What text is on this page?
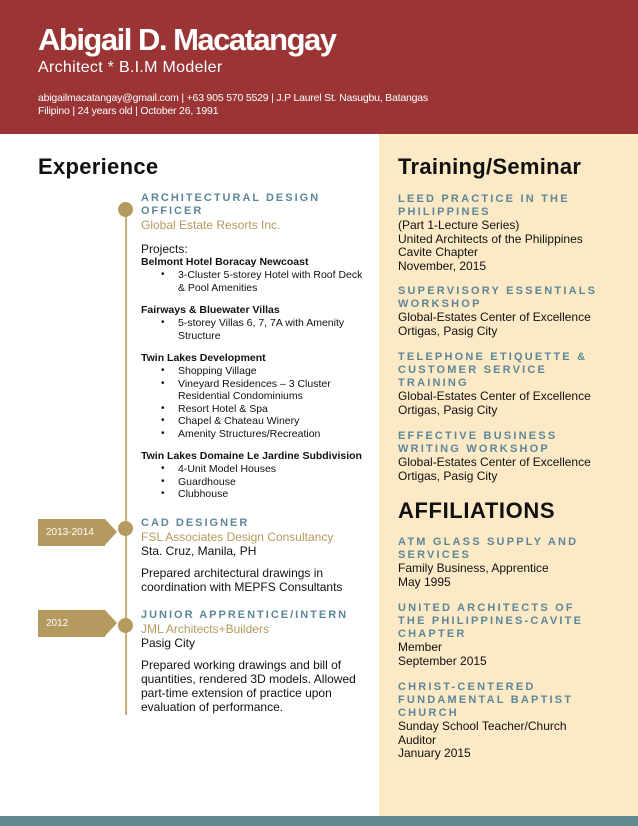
Abigail D. Macatangay
Architect * B.I.M Modeler
abigailmacatangay@gmail.com | +63 905 570 5529 | J.P Laurel St. Nasugbu, Batangas
Filipino | 24 years old | October 26, 1991
Experience
2013-2014
2012
ARCHITECTURAL DESIGN OFFICER
Global Estate Resorts Inc.
Projects:
Belmont Hotel Boracay Newcoast
• 3-Cluster 5-storey Hotel with Roof Deck & Pool Amenities
Fairways & Bluewater Villas
• 5-storey Villas 6, 7, 7A with Amenity Structure
Twin Lakes Development
• Shopping Village
• Vineyard Residences – 3 Cluster Residential Condominiums
• Resort Hotel & Spa
• Chapel & Chateau Winery
• Amenity Structures/Recreation
Twin Lakes Domaine Le Jardine Subdivision
• 4-Unit Model Houses
• Guardhouse
• Clubhouse
CAD DESIGNER
FSL Associates Design Consultancy
Sta. Cruz, Manila, PH
Prepared architectural drawings in coordination with MEPFS Consultants
JUNIOR APPRENTICE/INTERN
JML Architects+Builders
Pasig City
Prepared working drawings and bill of quantities, rendered 3D models. Allowed part-time extension of practice upon evaluation of performance.
Training/Seminar
LEED PRACTICE IN THE PHILIPPINES
(Part 1-Lecture Series)
United Architects of the Philippines
Cavite Chapter
November, 2015
SUPERVISORY ESSENTIALS WORKSHOP
Global-Estates Center of Excellence
Ortigas, Pasig City
TELEPHONE ETIQUETTE & CUSTOMER SERVICE TRAINING
Global-Estates Center of Excellence
Ortigas, Pasig City
EFFECTIVE BUSINESS WRITING WORKSHOP
Global-Estates Center of Excellence
Ortigas, Pasig City
AFFILIATIONS
ATM GLASS SUPPLY AND SERVICES
Family Business, Apprentice
May 1995
UNITED ARCHITECTS OF THE PHILIPPINES-CAVITE CHAPTER
Member
September 2015
CHRIST-CENTERED FUNDAMENTAL BAPTIST CHURCH
Sunday School Teacher/Church Auditor
January 2015
